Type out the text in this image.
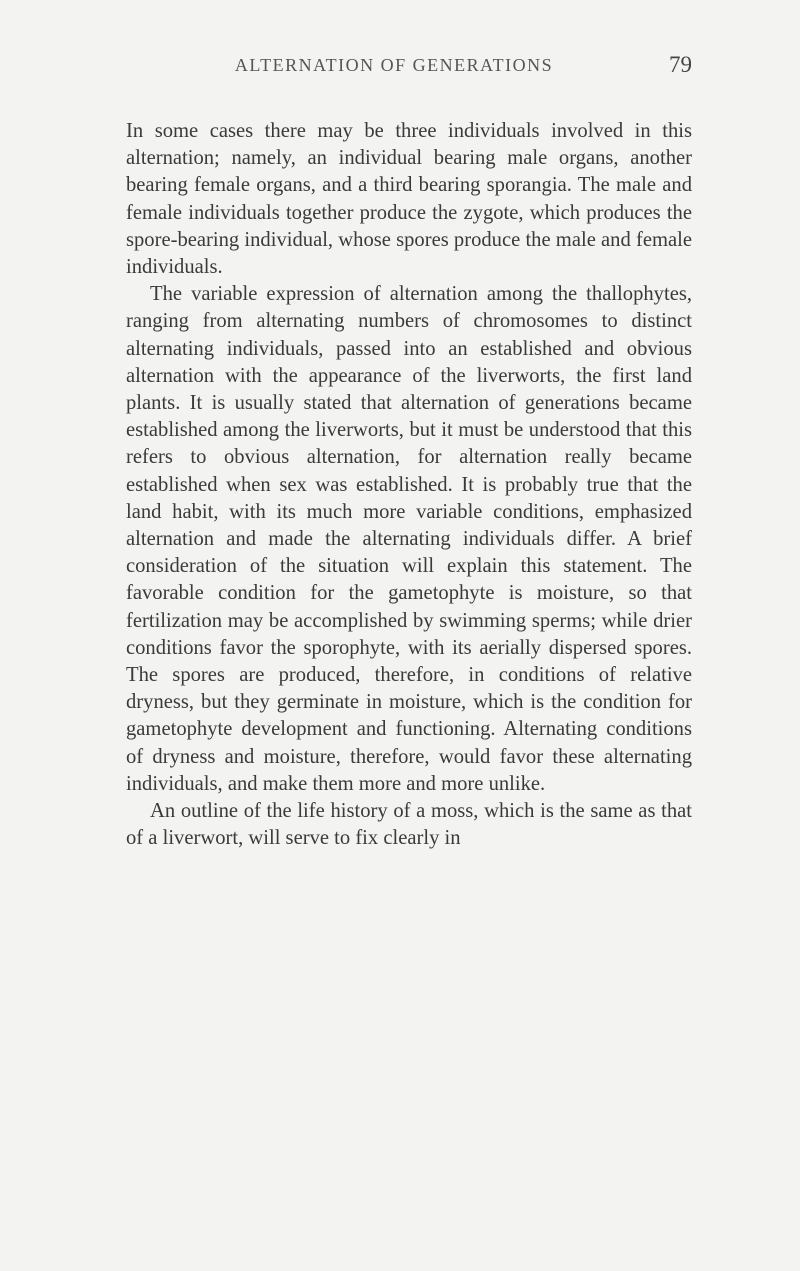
ALTERNATION OF GENERATIONS	79

In some cases there may be three individuals involved in this alternation; namely, an individual bearing male organs, another bearing female organs, and a third bearing sporangia. The male and female individuals together produce the zygote, which produces the spore-bearing individual, whose spores produce the male and female individuals.

The variable expression of alternation among the thallophytes, ranging from alternating numbers of chromosomes to distinct alternating individuals, passed into an established and obvious alternation with the appearance of the liverworts, the first land plants. It is usually stated that alternation of generations became established among the liverworts, but it must be understood that this refers to obvious alternation, for alternation really became established when sex was established. It is probably true that the land habit, with its much more variable conditions, emphasized alternation and made the alternating individuals differ. A brief consideration of the situation will explain this statement. The favorable condition for the gametophyte is moisture, so that fertilization may be accomplished by swimming sperms; while drier conditions favor the sporophyte, with its aerially dispersed spores. The spores are produced, therefore, in conditions of relative dryness, but they germinate in moisture, which is the condition for gametophyte development and functioning. Alternating conditions of dryness and moisture, therefore, would favor these alternating individuals, and make them more and more unlike.

An outline of the life history of a moss, which is the same as that of a liverwort, will serve to fix clearly in
